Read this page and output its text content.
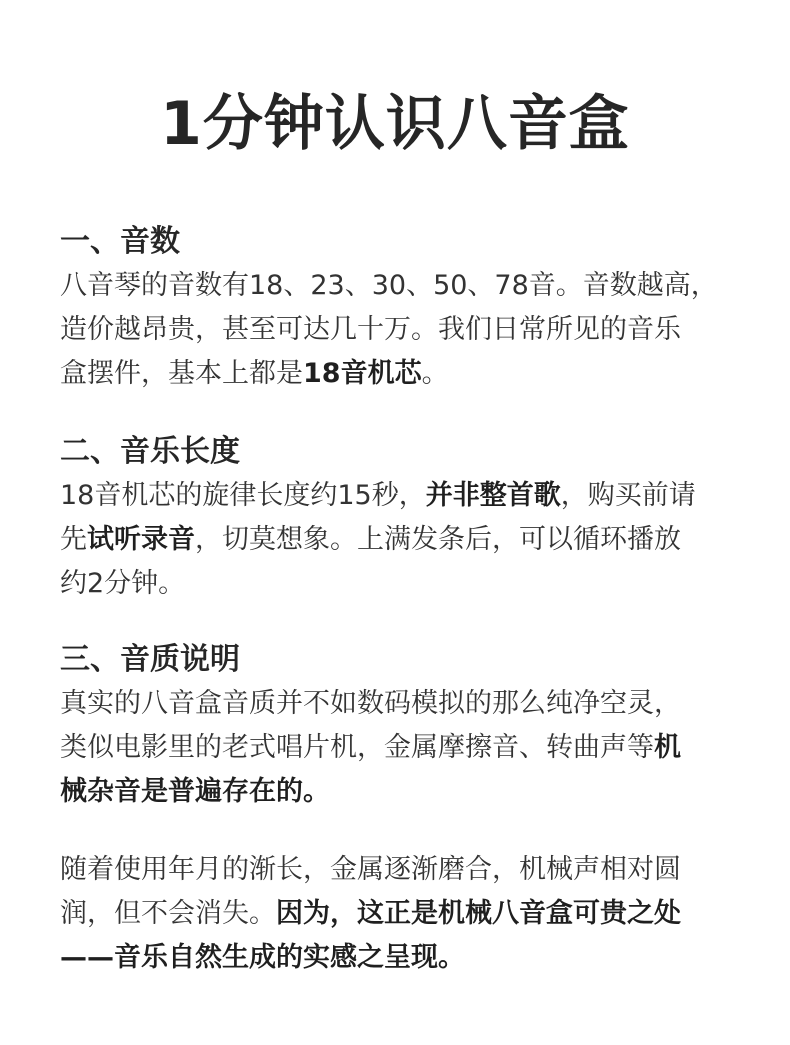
1分钟认识八音盒
一、音数
八音琴的音数有18、23、30、50、78音。音数越高，
造价越昂贵，甚至可达几十万。我们日常所见的音乐
盒摆件，基本上都是18音机芯。
二、音乐长度
18音机芯的旋律长度约15秒，并非整首歌，购买前请
先试听录音，切莫想象。上满发条后，可以循环播放
约2分钟。
三、音质说明
真实的八音盒音质并不如数码模拟的那么纯净空灵，
类似电影里的老式唱片机，金属摩擦音、转曲声等机
械杂音是普遍存在的。
随着使用年月的渐长，金属逐渐磨合，机械声相对圆
润，但不会消失。因为，这正是机械八音盒可贵之处
——音乐自然生成的实感之呈现。
